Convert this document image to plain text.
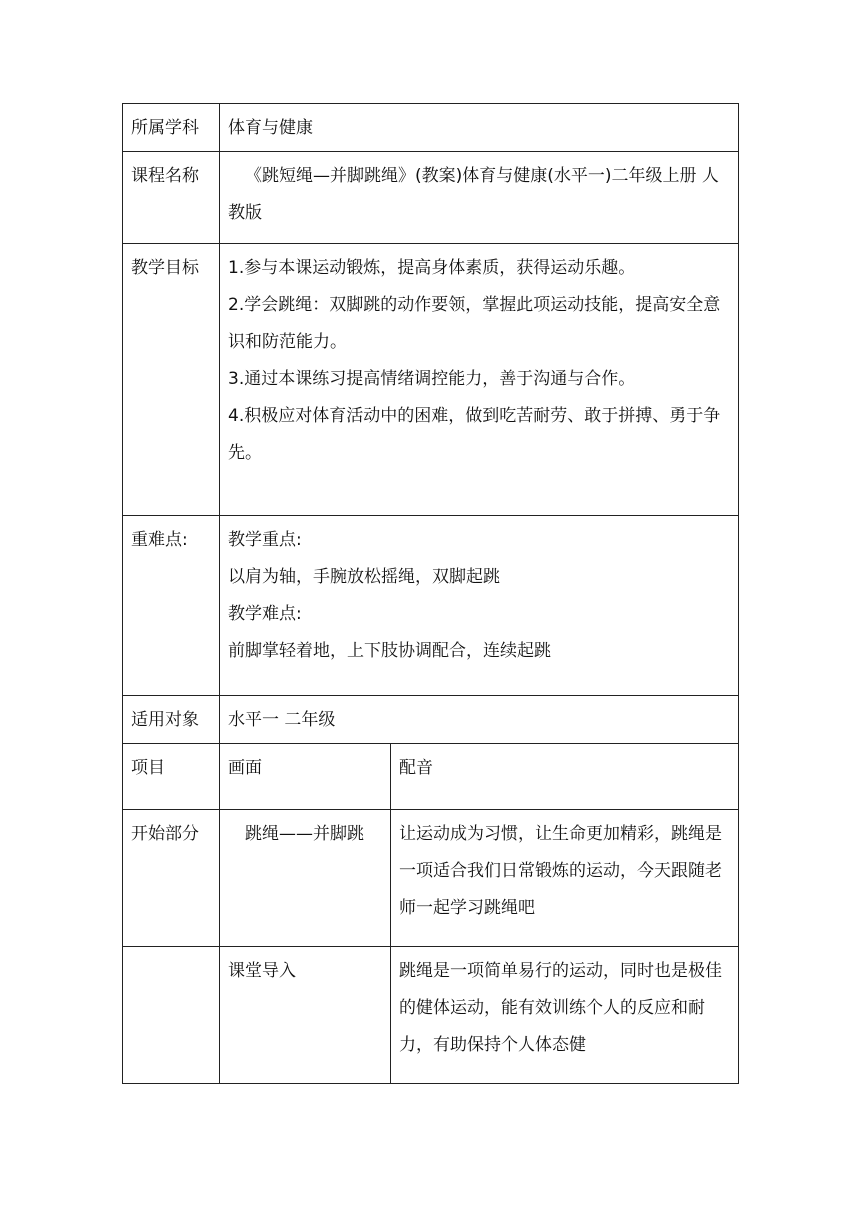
所属学科	体育与健康	
课程名称	《跳短绳—并脚跳绳》(教案)体育与健康(水平一)二年级上册 人教版	

教学目标	1.参与本课运动锻炼，提高身体素质，获得运动乐趣。
2.学会跳绳：双脚跳的动作要领，掌握此项运动技能，提高安全意识和防范能力。
3.通过本课练习提高情绪调控能力，善于沟通与合作。
4.积极应对体育活动中的困难，做到吃苦耐劳、敢于拼搏、勇于争先。	

重难点:	教学重点:
以肩为轴，手腕放松摇绳，双脚起跳
教学难点:
前脚掌轻着地，上下肢协调配合，连续起跳	

适用对象	水平一 二年级	
项目	画面	配音
开始部分	跳绳——并脚跳	让运动成为习惯，让生命更加精彩，跳绳是一项适合我们日常锻炼的运动，今天跟随老师一起学习跳绳吧
	课堂导入	跳绳是一项简单易行的运动，同时也是极佳的健体运动，能有效训练个人的反应和耐力，有助保持个人体态健
